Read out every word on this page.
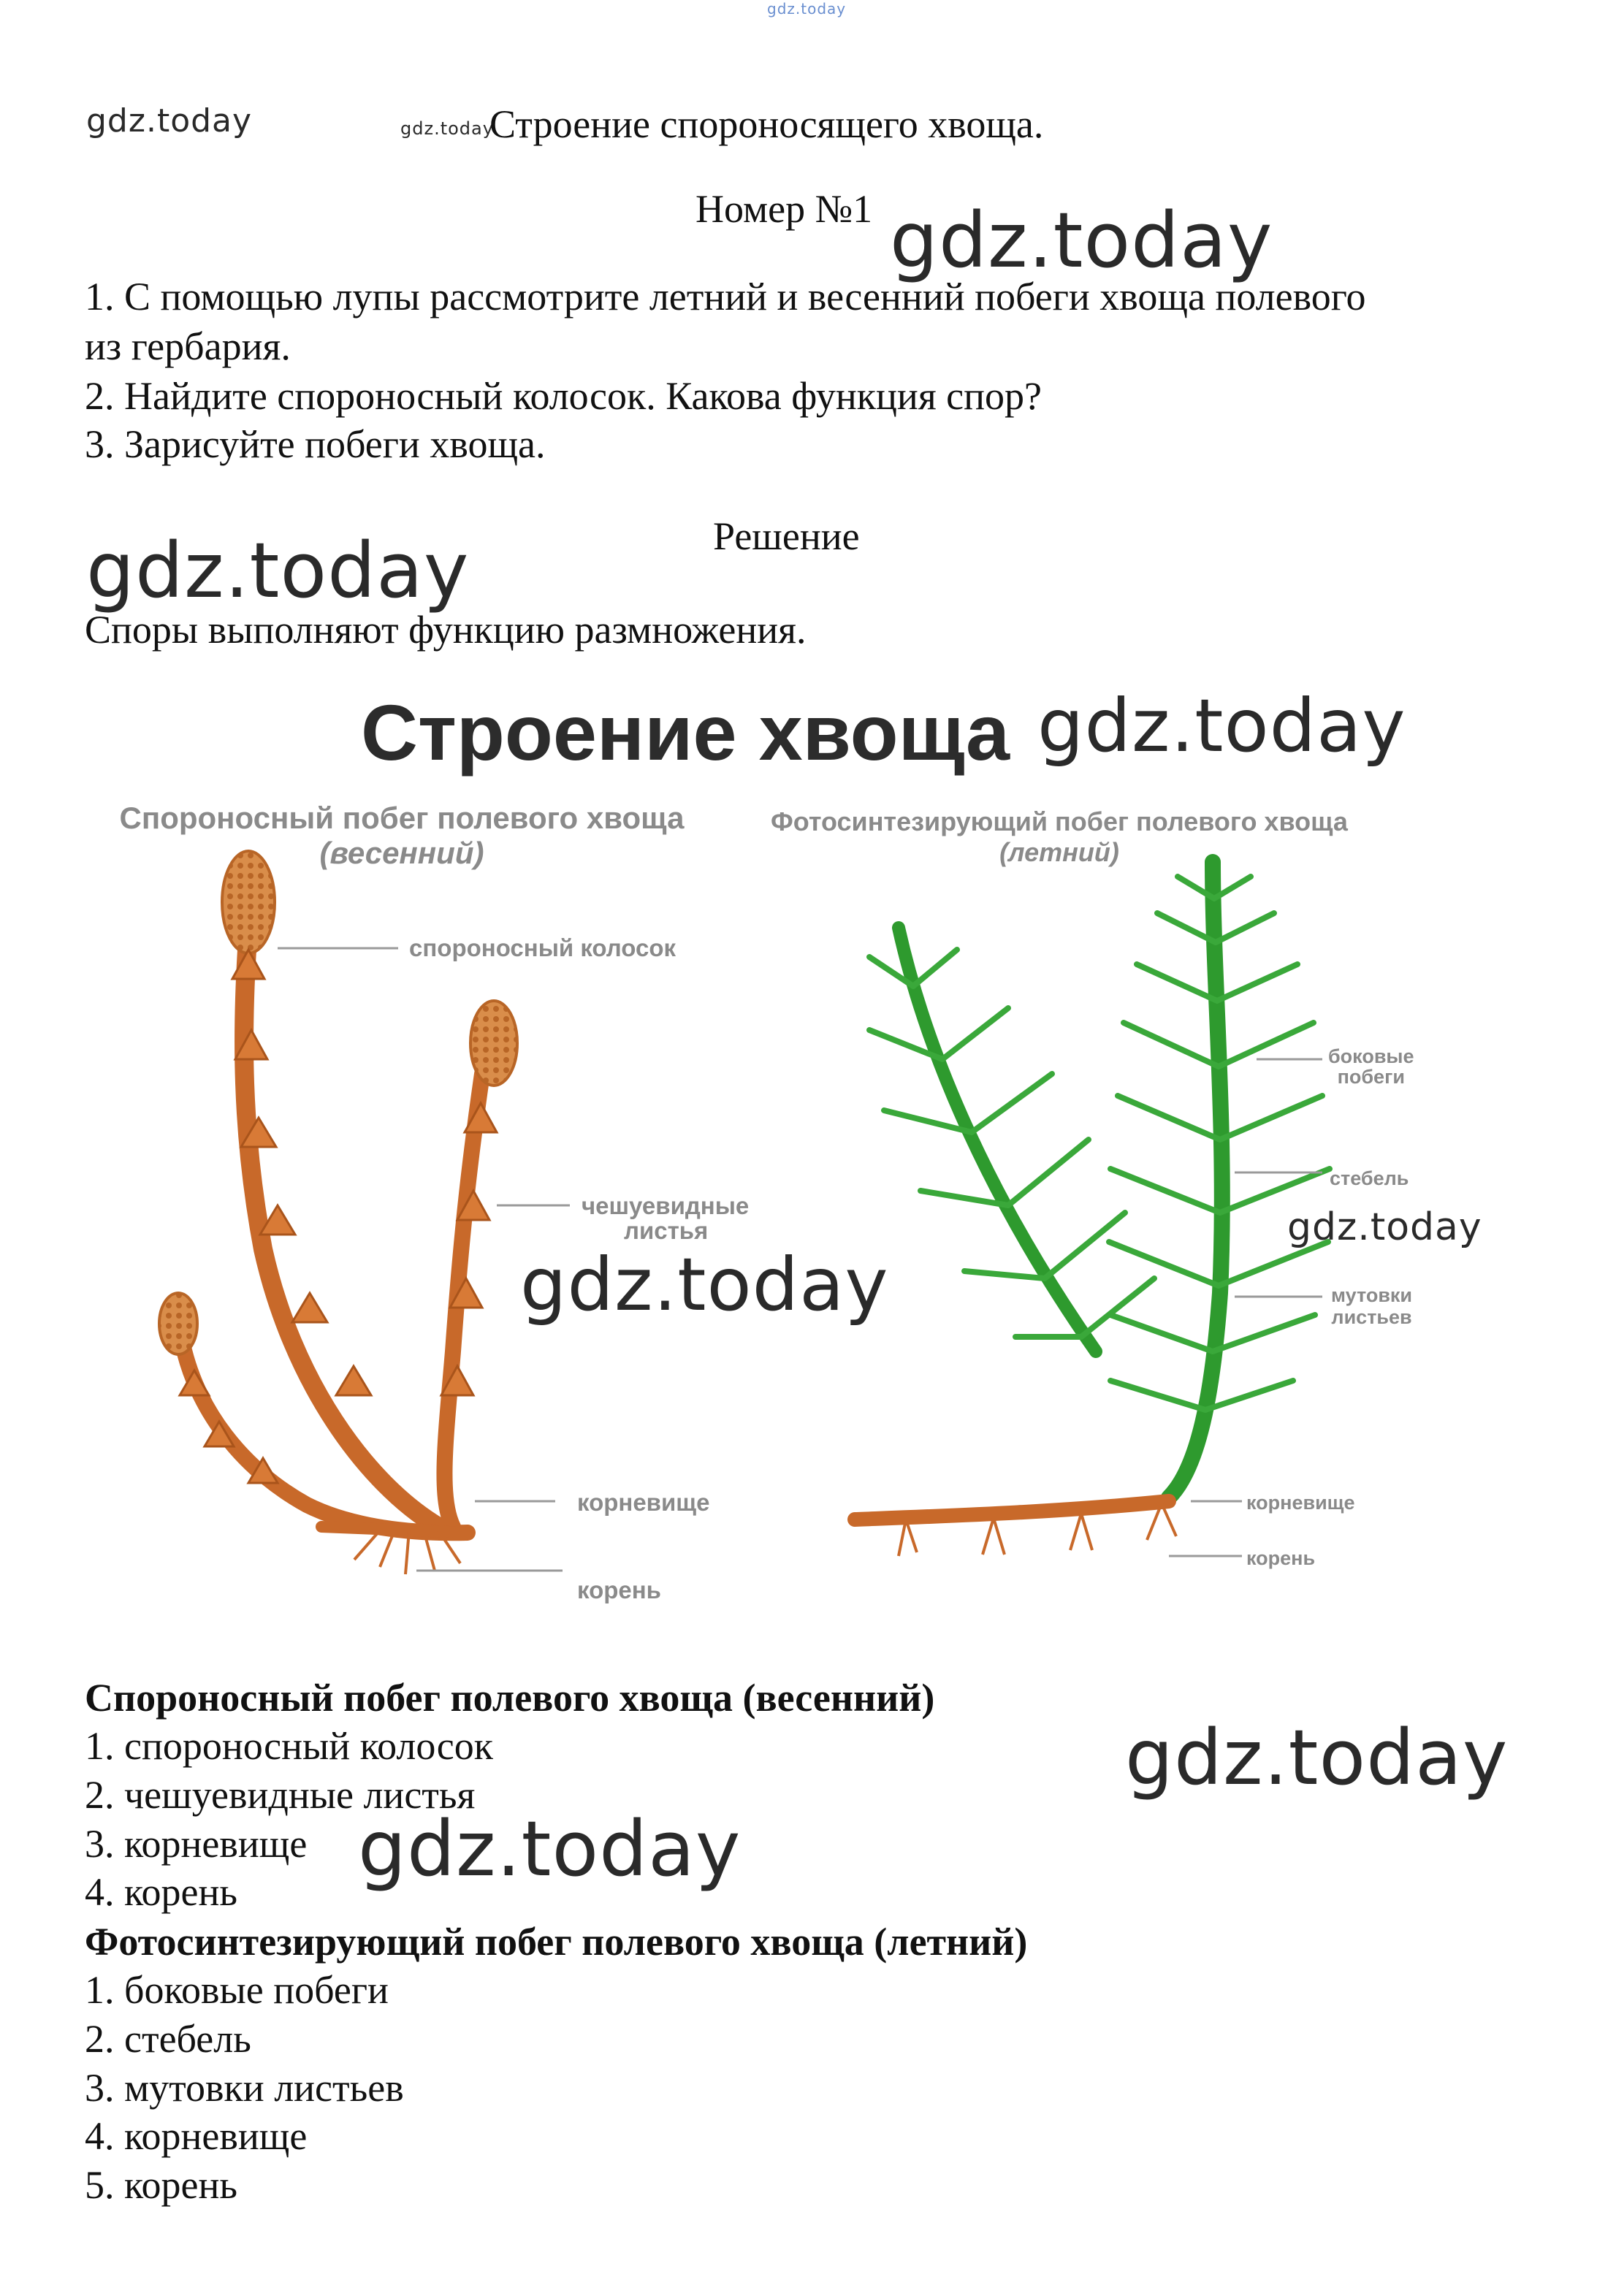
gdz.today
gdz.today	gdz.today
gdz.today
gdz.today
gdz.today
gdz.today
gdz.today
gdz.today
gdz.today
Строение спороносящего хвоща.
Номер №1
1. С помощью лупы рассмотрите летний и весенний побеги хвоща полевого
из гербария.
2. Найдите спороносный колосок. Какова функция спор?
3. Зарисуйте побеги хвоща.
Решение
Споры выполняют функцию размножения.
Строение хвоща
Спороносный побег полевого хвоща
(весенний)
Фотосинтезирующий побег полевого хвоща
(летний)
спороносный колосок
чешуевидные
листья
корневище
корень
боковые
побеги
стебель
мутовки
листьев
корневище
корень
Спороносный побег полевого хвоща (весенний)
1. спороносный колосок
2. чешуевидные листья
3. корневище
4. корень
Фотосинтезирующий побег полевого хвоща (летний)
1. боковые побеги
2. стебель
3. мутовки листьев
4. корневище
5. корень
